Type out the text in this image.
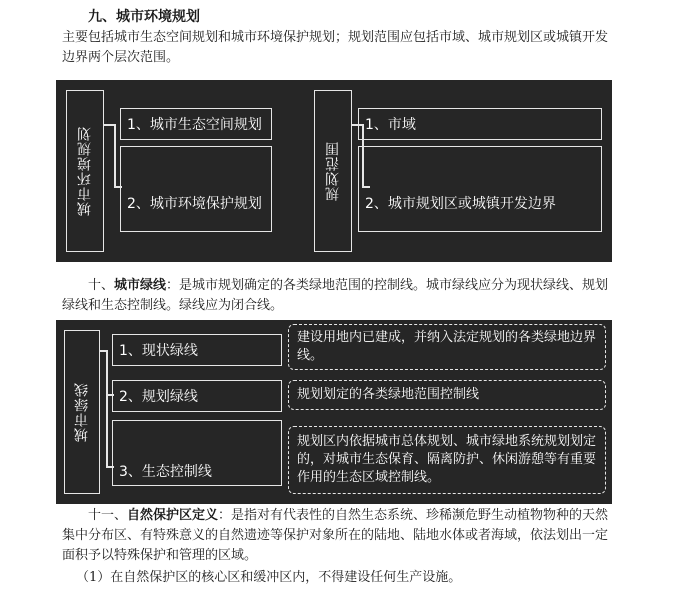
九、城市环境规划

主要包括城市生态空间规划和城市环境保护规划；规划范围应包括市域、城市规划区或城镇开发边界两个层次范围。

城市环境规划
1、城市生态空间规划
2、城市环境保护规划
规划范围
1、市域
2、城市规划区或城镇开发边界

十、城市绿线：是城市规划确定的各类绿地范围的控制线。城市绿线应分为现状绿线、规划绿线和生态控制线。绿线应为闭合线。

城市绿线
1、现状绿线
2、规划绿线
3、生态控制线
建设用地内已建成，并纳入法定规划的各类绿地边界线。
规划划定的各类绿地范围控制线
规划区内依据城市总体规划、城市绿地系统规划划定的，对城市生态保育、隔离防护、休闲游憩等有重要作用的生态区域控制线。

十一、自然保护区定义：是指对有代表性的自然生态系统、珍稀濒危野生动植物物种的天然集中分布区、有特殊意义的自然遗迹等保护对象所在的陆地、陆地水体或者海域，依法划出一定面积予以特殊保护和管理的区域。

（1）在自然保护区的核心区和缓冲区内，不得建设任何生产设施。
